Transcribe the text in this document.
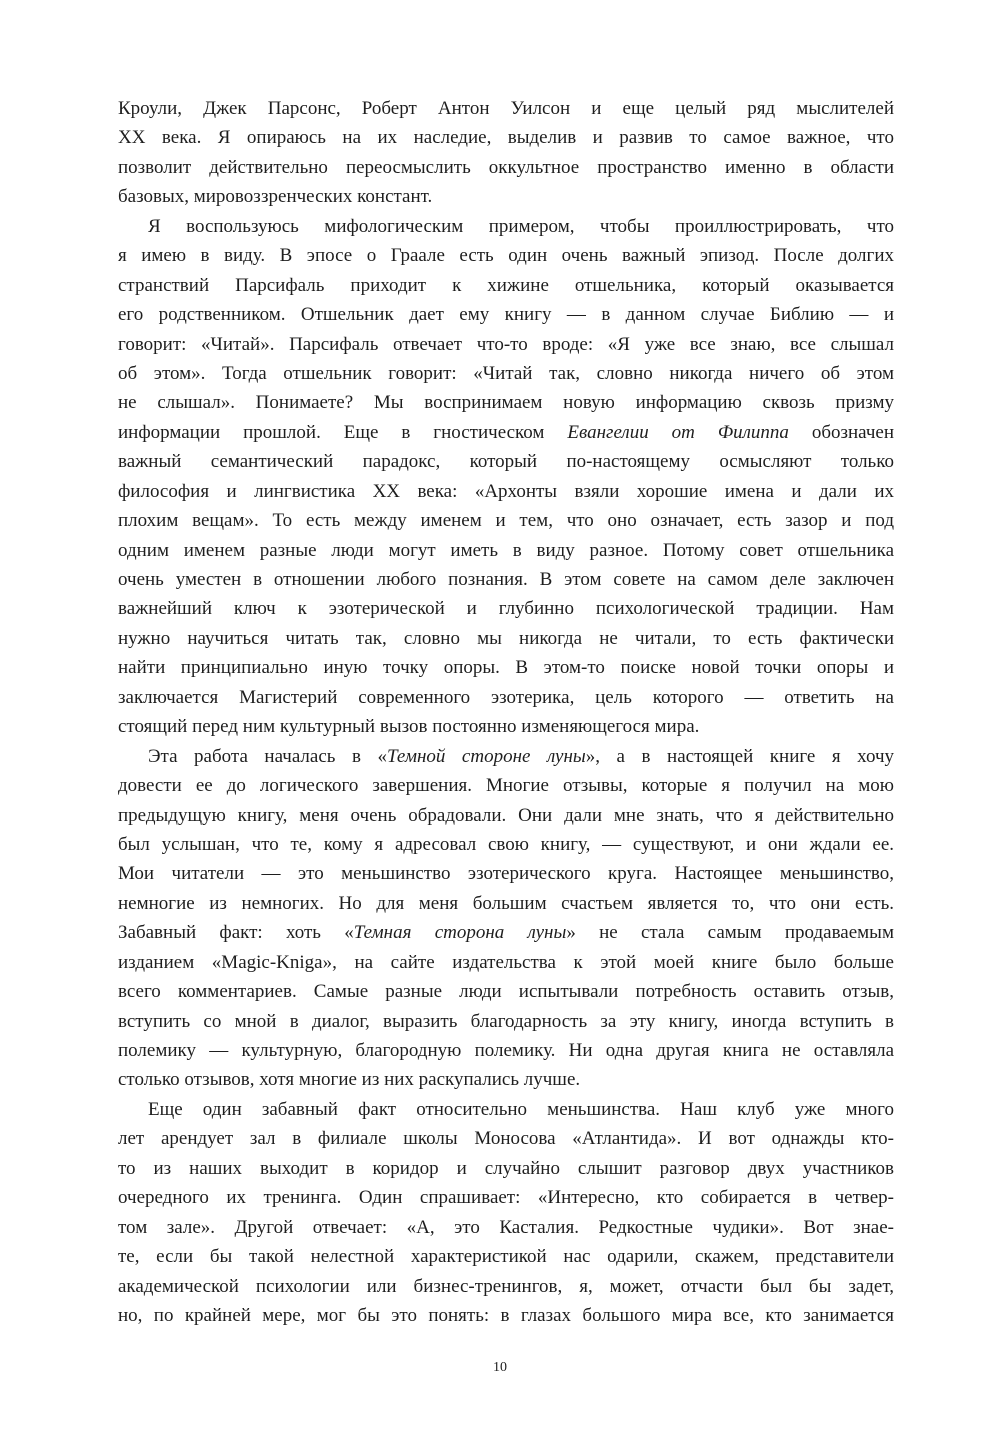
Кроули, Джек Парсонс, Роберт Антон Уилсон и еще целый ряд мыслителей
XX века. Я опираюсь на их наследие, выделив и развив то самое важное, что
позволит действительно переосмыслить оккультное пространство именно в области
базовых, мировоззренческих констант.
Я воспользуюсь мифологическим примером, чтобы проиллюстрировать, что
я имею в виду. В эпосе о Граале есть один очень важный эпизод. После долгих
странствий Парсифаль приходит к хижине отшельника, который оказывается
его родственником. Отшельник дает ему книгу — в данном случае Библию — и
говорит: «Читай». Парсифаль отвечает что-то вроде: «Я уже все знаю, все слышал
об этом». Тогда отшельник говорит: «Читай так, словно никогда ничего об этом
не слышал». Понимаете? Мы воспринимаем новую информацию сквозь призму
информации прошлой. Еще в гностическом Евангелии от Филиппа обозначен
важный семантический парадокс, который по-настоящему осмысляют только
философия и лингвистика XX века: «Архонты взяли хорошие имена и дали их
плохим вещам». То есть между именем и тем, что оно означает, есть зазор и под
одним именем разные люди могут иметь в виду разное. Потому совет отшельника
очень уместен в отношении любого познания. В этом совете на самом деле заключен
важнейший ключ к эзотерической и глубинно психологической традиции. Нам
нужно научиться читать так, словно мы никогда не читали, то есть фактически
найти принципиально иную точку опоры. В этом-то поиске новой точки опоры и
заключается Магистерий современного эзотерика, цель которого — ответить на
стоящий перед ним культурный вызов постоянно изменяющегося мира.
Эта работа началась в «Темной стороне луны», а в настоящей книге я хочу
довести ее до логического завершения. Многие отзывы, которые я получил на мою
предыдущую книгу, меня очень обрадовали. Они дали мне знать, что я действительно
был услышан, что те, кому я адресовал свою книгу, — существуют, и они ждали ее.
Мои читатели — это меньшинство эзотерического круга. Настоящее меньшинство,
немногие из немногих. Но для меня большим счастьем является то, что они есть.
Забавный факт: хоть «Темная сторона луны» не стала самым продаваемым
изданием «Magic-Kniga», на сайте издательства к этой моей книге было больше
всего комментариев. Самые разные люди испытывали потребность оставить отзыв,
вступить со мной в диалог, выразить благодарность за эту книгу, иногда вступить в
полемику — культурную, благородную полемику. Ни одна другая книга не оставляла
столько отзывов, хотя многие из них раскупались лучше.
Еще один забавный факт относительно меньшинства. Наш клуб уже много
лет арендует зал в филиале школы Моносова «Атлантида». И вот однажды кто-
то из наших выходит в коридор и случайно слышит разговор двух участников
очередного их тренинга. Один спрашивает: «Интересно, кто собирается в четвер-
том зале». Другой отвечает: «А, это Касталия. Редкостные чудики». Вот знае-
те, если бы такой нелестной характеристикой нас одарили, скажем, представители
академической психологии или бизнес-тренингов, я, может, отчасти был бы задет,
но, по крайней мере, мог бы это понять: в глазах большого мира все, кто занимается
10
